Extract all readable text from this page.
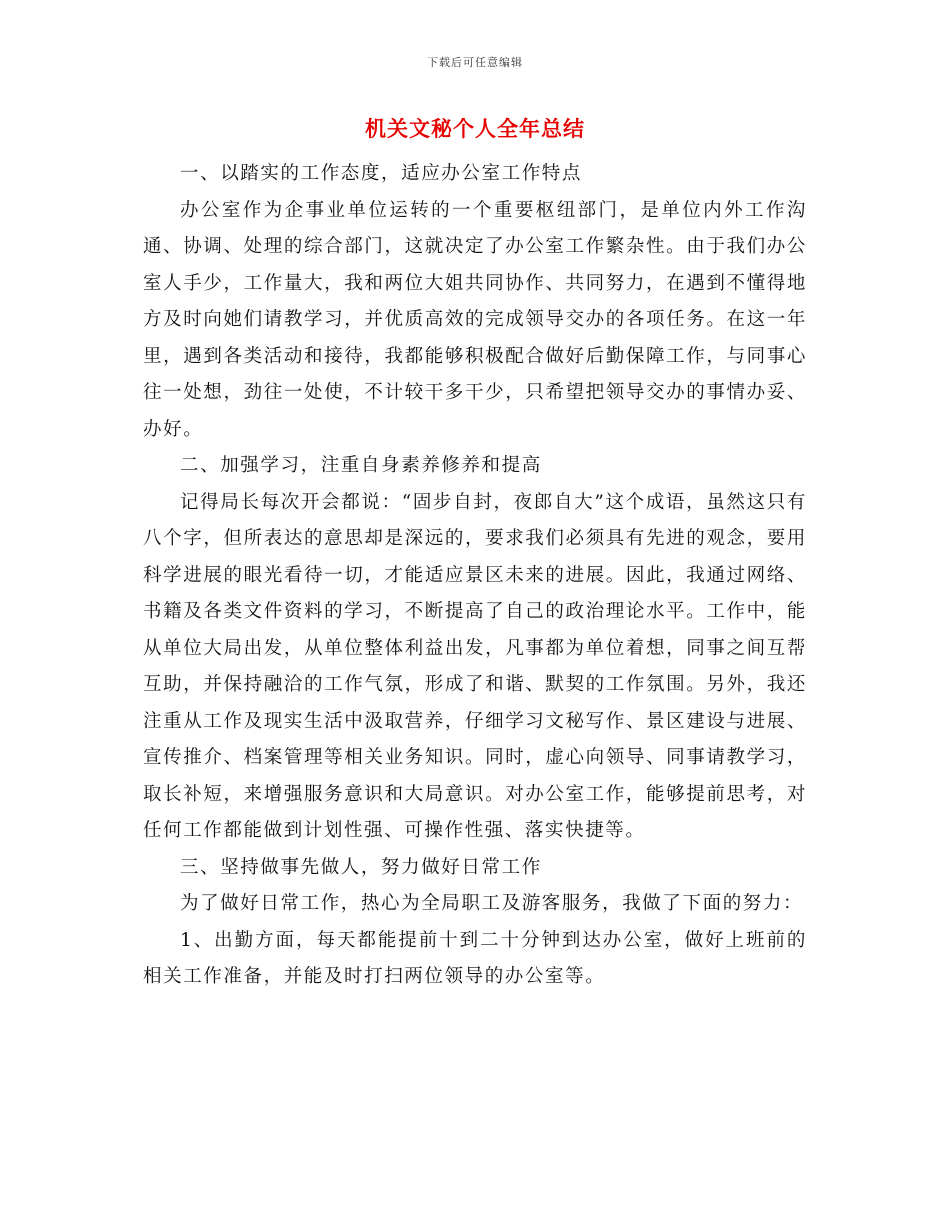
下载后可任意编辑
机关文秘个人全年总结

一、以踏实的工作态度，适应办公室工作特点

办公室作为企事业单位运转的一个重要枢纽部门，是单位内外工作沟通、协调、处理的综合部门，这就决定了办公室工作繁杂性。由于我们办公室人手少，工作量大，我和两位大姐共同协作、共同努力，在遇到不懂得地方及时向她们请教学习，并优质高效的完成领导交办的各项任务。在这一年里，遇到各类活动和接待，我都能够积极配合做好后勤保障工作，与同事心往一处想，劲往一处使，不计较干多干少，只希望把领导交办的事情办妥、办好。

二、加强学习，注重自身素养修养和提高

记得局长每次开会都说：“固步自封，夜郎自大”这个成语，虽然这只有八个字，但所表达的意思却是深远的，要求我们必须具有先进的观念，要用科学进展的眼光看待一切，才能适应景区未来的进展。因此，我通过网络、书籍及各类文件资料的学习，不断提高了自己的政治理论水平。工作中，能从单位大局出发，从单位整体利益出发，凡事都为单位着想，同事之间互帮互助，并保持融洽的工作气氛，形成了和谐、默契的工作氛围。另外，我还注重从工作及现实生活中汲取营养，仔细学习文秘写作、景区建设与进展、宣传推介、档案管理等相关业务知识。同时，虚心向领导、同事请教学习，取长补短，来增强服务意识和大局意识。对办公室工作，能够提前思考，对任何工作都能做到计划性强、可操作性强、落实快捷等。

三、坚持做事先做人，努力做好日常工作

为了做好日常工作，热心为全局职工及游客服务，我做了下面的努力：

1、出勤方面，每天都能提前十到二十分钟到达办公室，做好上班前的相关工作准备，并能及时打扫两位领导的办公室等。
